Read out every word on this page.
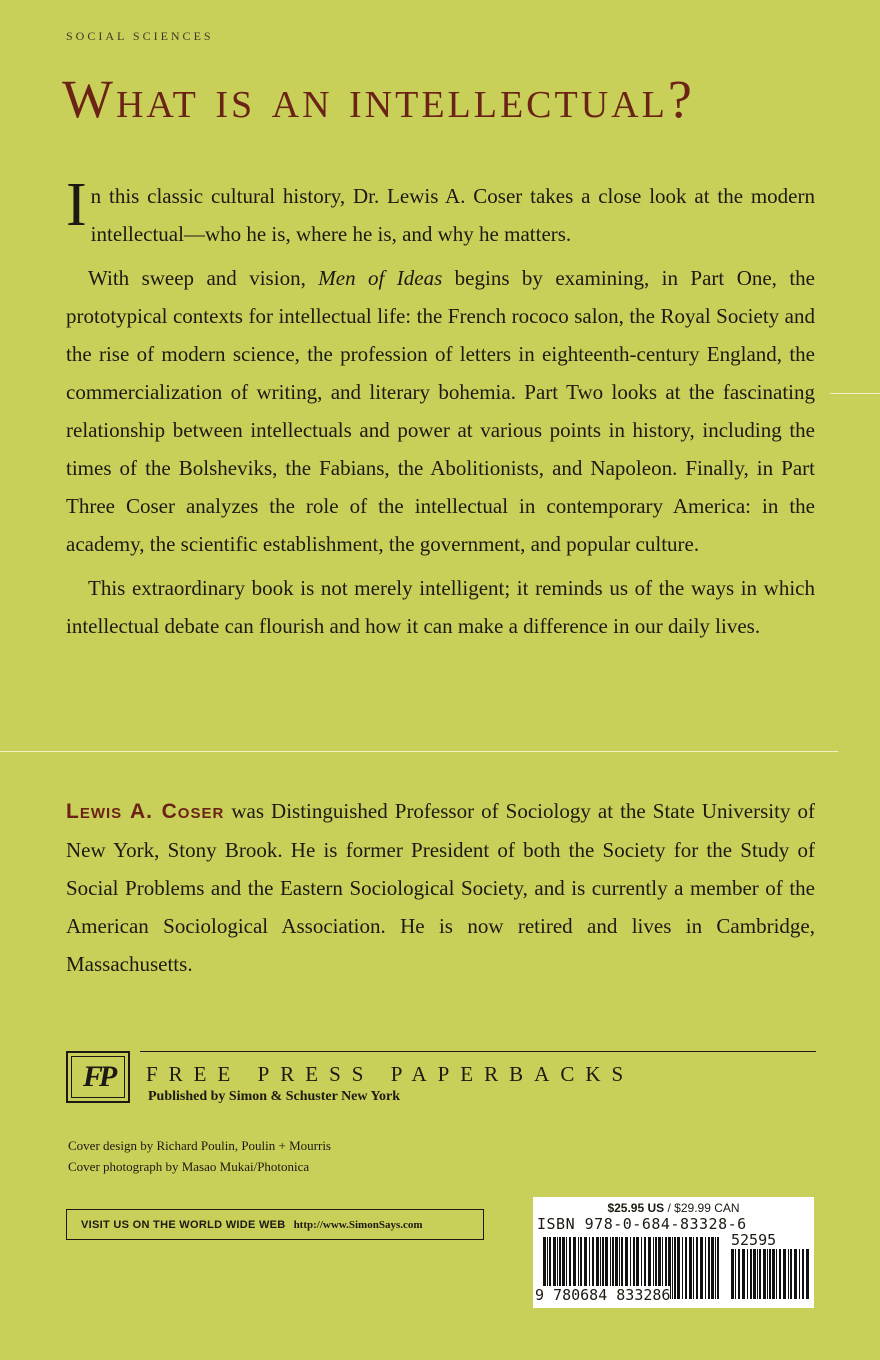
SOCIAL SCIENCES
What is an intellectual?

In this classic cultural history, Dr. Lewis A. Coser takes a close look at the modern intellectual—who he is, where he is, and why he matters.

With sweep and vision, Men of Ideas begins by examining, in Part One, the prototypical contexts for intellectual life: the French rococo salon, the Royal Society and the rise of modern science, the profession of letters in eighteenth-century England, the commercialization of writing, and literary bohemia. Part Two looks at the fascinating relationship between intellectuals and power at various points in history, including the times of the Bolsheviks, the Fabians, the Abolitionists, and Napoleon. Finally, in Part Three Coser analyzes the role of the intellectual in contemporary America: in the academy, the scientific establishment, the government, and popular culture.

This extraordinary book is not merely intelligent; it reminds us of the ways in which intellectual debate can flourish and how it can make a difference in our daily lives.

Lewis A. Coser was Distinguished Professor of Sociology at the State University of New York, Stony Brook. He is former President of both the Society for the Study of Social Problems and the Eastern Sociological Society, and is currently a member of the American Sociological Association. He is now retired and lives in Cambridge, Massachusetts.
FP	FREE PRESS PAPERBACKS
Published by Simon & Schuster New York
Cover design by Richard Poulin, Poulin + Mourris
Cover photograph by Masao Mukai/Photonica
VISIT US ON THE WORLD WIDE WEB http://www.SimonSays.com
$25.95 US / $29.99 CAN
ISBN 978-0-684-83328-6
52595
9 780684 833286
